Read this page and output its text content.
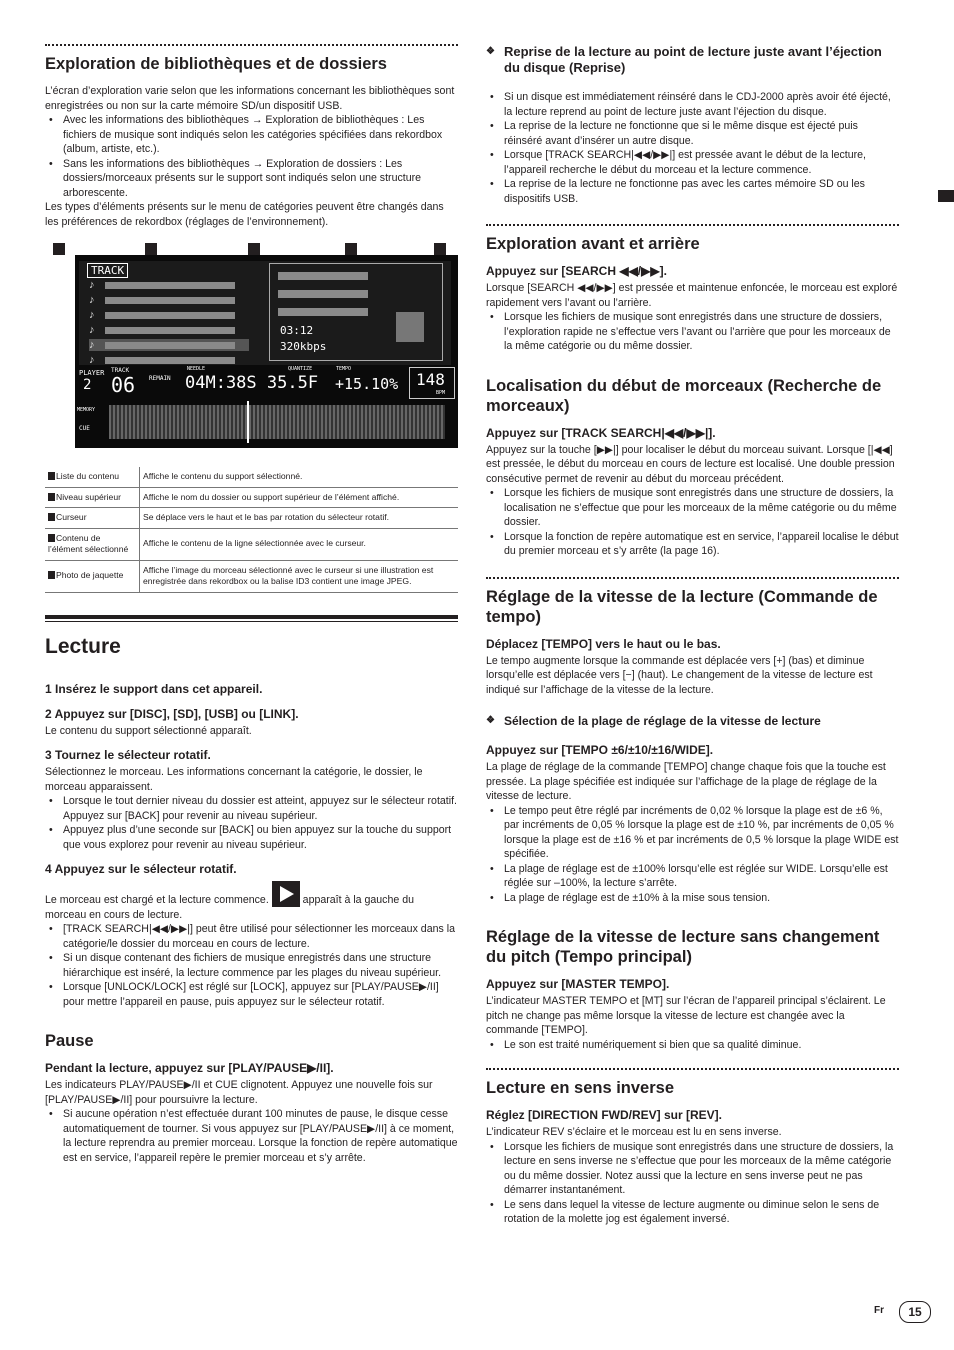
Français
Exploration de bibliothèques et de dossiers

L’écran d’exploration varie selon que les informations concernant les bibliothèques sont enregistrées ou non sur la carte mémoire SD/un dispositif USB.

• Avec les informations des bibliothèques → Exploration de bibliothèques : Les fichiers de musique sont indiqués selon les catégories spécifiées dans rekordbox (album, artiste, etc.).
• Sans les informations des bibliothèques → Exploration de dossiers : Les dossiers/morceaux présents sur le support sont indiqués selon une structure arborescente.

Les types d’éléments présents sur le menu de catégories peuvent être changés dans les préférences de rekordbox (réglages de l’environnement).

TRACK
♪
♪
♪
♪
♪
♪
03:12
320kbps
PLAYER
2
TRACK
06 REMAIN 04M:38S 35.5F
NEEDLE	QUANTIZE	TEMPO
+15.10% 148
BPM
MEMORY
CUE
Liste du contenu	Affiche le contenu du support sélectionné.
Niveau supérieur	Affiche le nom du dossier ou support supérieur de l’élément affiché.
Curseur	Se déplace vers le haut et le bas par rotation du sélecteur rotatif.
Contenu de l’élément sélectionné	Affiche le contenu de la ligne sélectionnée avec le curseur.
Photo de jaquette	Affiche l’image du morceau sélectionné avec le curseur si une illustration est enregistrée dans rekordbox ou la balise ID3 contient une image JPEG.
Lecture
1 Insérez le support dans cet appareil.
2 Appuyez sur [DISC], [SD], [USB] ou [LINK].

Le contenu du support sélectionné apparaît.

3 Tournez le sélecteur rotatif.

Sélectionnez le morceau. Les informations concernant la catégorie, le dossier, le morceau apparaissent.

• Lorsque le tout dernier niveau du dossier est atteint, appuyez sur le sélecteur rotatif. Appuyez sur [BACK] pour revenir au niveau supérieur.
• Appuyez plus d’une seconde sur [BACK] ou bien appuyez sur la touche du support que vous explorez pour revenir au niveau supérieur.
4 Appuyez sur le sélecteur rotatif.

Le morceau est chargé et la lecture commence.	apparaît à la gauche du morceau en cours de lecture.

• [TRACK SEARCH|◀◀/▶▶|] peut être utilisé pour sélectionner les morceaux dans la catégorie/le dossier du morceau en cours de lecture.
• Si un disque contenant des fichiers de musique enregistrés dans une structure hiérarchique est inséré, la lecture commence par les plages du niveau supérieur.
• Lorsque [UNLOCK/LOCK] est réglé sur [LOCK], appuyez sur [PLAY/PAUSE▶/II] pour mettre l’appareil en pause, puis appuyez sur le sélecteur rotatif.
Pause
Pendant la lecture, appuyez sur [PLAY/PAUSE▶/II].

Les indicateurs PLAY/PAUSE▶/II et CUE clignotent. Appuyez une nouvelle fois sur [PLAY/PAUSE▶/II] pour poursuivre la lecture.

• Si aucune opération n’est effectuée durant 100 minutes de pause, le disque cesse automatiquement de tourner. Si vous appuyez sur [PLAY/PAUSE▶/II] à ce moment, la lecture reprendra au premier morceau. Lorsque la fonction de repère automatique est en service, l’appareil repère le premier morceau et s’y arrête.
❖ Reprise de la lecture au point de lecture juste avant l’éjection du disque (Reprise)
• Si un disque est immédiatement réinséré dans le CDJ-2000 après avoir été éjecté, la lecture reprend au point de lecture juste avant l’éjection du disque.
• La reprise de la lecture ne fonctionne que si le même disque est éjecté puis réinséré avant d’insérer un autre disque.
• Lorsque [TRACK SEARCH|◀◀/▶▶|] est pressée avant le début de la lecture, l’appareil recherche le début du morceau et la lecture commence.
• La reprise de la lecture ne fonctionne pas avec les cartes mémoire SD ou les dispositifs USB.
Exploration avant et arrière
Appuyez sur [SEARCH ◀◀/▶▶].

Lorsque [SEARCH ◀◀/▶▶] est pressée et maintenue enfoncée, le morceau est exploré rapidement vers l’avant ou l’arrière.

• Lorsque les fichiers de musique sont enregistrés dans une structure de dossiers, l’exploration rapide ne s’effectue vers l’avant ou l’arrière que pour les morceaux de la même catégorie ou du même dossier.
Localisation du début de morceaux (Recherche de morceaux)
Appuyez sur [TRACK SEARCH|◀◀/▶▶|].

Appuyez sur la touche [▶▶|] pour localiser le début du morceau suivant. Lorsque [|◀◀] est pressée, le début du morceau en cours de lecture est localisé. Une double pression consécutive permet de revenir au début du morceau précédent.

• Lorsque les fichiers de musique sont enregistrés dans une structure de dossiers, la localisation ne s’effectue que pour les morceaux de la même catégorie ou du même dossier.
• Lorsque la fonction de repère automatique est en service, l’appareil localise le début du premier morceau et s’y arrête (la page 16).
Réglage de la vitesse de la lecture (Commande de tempo)
Déplacez [TEMPO] vers le haut ou le bas.

Le tempo augmente lorsque la commande est déplacée vers [+] (bas) et diminue lorsqu’elle est déplacée vers [−] (haut). Le changement de la vitesse de lecture est indiqué sur l’affichage de la vitesse de la lecture.

❖ Sélection de la plage de réglage de la vitesse de lecture
Appuyez sur [TEMPO ±6/±10/±16/WIDE].

La plage de réglage de la commande [TEMPO] change chaque fois que la touche est pressée. La plage spécifiée est indiquée sur l’affichage de la plage de réglage de la vitesse de lecture.

• Le tempo peut être réglé par incréments de 0,02 % lorsque la plage est de ±6 %, par incréments de 0,05 % lorsque la plage est de ±10 %, par incréments de 0,05 % lorsque la plage est de ±16 % et par incréments de 0,5 % lorsque la plage WIDE est spécifiée.
• La plage de réglage est de ±100% lorsqu’elle est réglée sur WIDE. Lorsqu’elle est réglée sur –100%, la lecture s’arrête.
• La plage de réglage est de ±10% à la mise sous tension.
Réglage de la vitesse de lecture sans changement du pitch (Tempo principal)
Appuyez sur [MASTER TEMPO].

L’indicateur MASTER TEMPO et [MT] sur l’écran de l’appareil principal s’éclairent. Le pitch ne change pas même lorsque la vitesse de lecture est changée avec la commande [TEMPO].

• Le son est traité numériquement si bien que sa qualité diminue.
Lecture en sens inverse
Réglez [DIRECTION FWD/REV] sur [REV].

L’indicateur REV s’éclaire et le morceau est lu en sens inverse.

• Lorsque les fichiers de musique sont enregistrés dans une structure de dossiers, la lecture en sens inverse ne s’effectue que pour les morceaux de la même catégorie ou du même dossier. Notez aussi que la lecture en sens inverse peut ne pas démarrer instantanément.
• Le sens dans lequel la vitesse de lecture augmente ou diminue selon le sens de rotation de la molette jog est également inversé.
Fr	15
